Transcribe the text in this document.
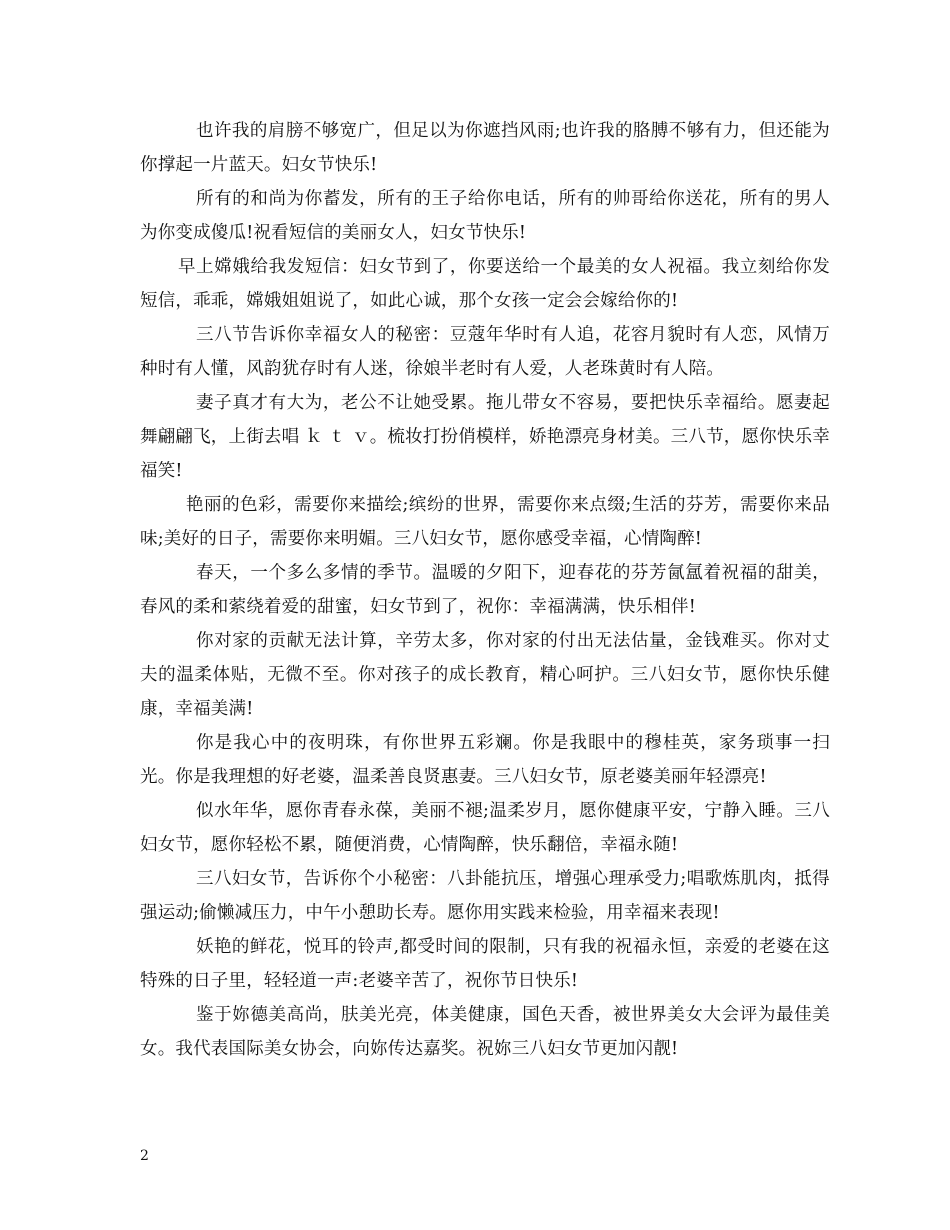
也许我的肩膀不够宽广，但足以为你遮挡风雨;也许我的胳膊不够有力，但还能为你撑起一片蓝天。妇女节快乐!

所有的和尚为你蓄发，所有的王子给你电话，所有的帅哥给你送花，所有的男人为你变成傻瓜!祝看短信的美丽女人，妇女节快乐!

早上嫦娥给我发短信：妇女节到了，你要送给一个最美的女人祝福。我立刻给你发短信，乖乖，嫦娥姐姐说了，如此心诚，那个女孩一定会会嫁给你的!

三八节告诉你幸福女人的秘密：豆蔻年华时有人追，花容月貌时有人恋，风情万种时有人懂，风韵犹存时有人迷，徐娘半老时有人爱，人老珠黄时有人陪。

妻子真才有大为，老公不让她受累。拖儿带女不容易，要把快乐幸福给。愿妻起舞翩翩飞，上街去唱 ｋ ｔ ｖ。梳妆打扮俏模样，娇艳漂亮身材美。三八节，愿你快乐幸福笑!

艳丽的色彩，需要你来描绘;缤纷的世界，需要你来点缀;生活的芬芳，需要你来品味;美好的日子，需要你来明媚。三八妇女节，愿你感受幸福，心情陶醉!

春天，一个多么多情的季节。温暖的夕阳下，迎春花的芬芳氤氲着祝福的甜美，春风的柔和萦绕着爱的甜蜜，妇女节到了，祝你：幸福满满，快乐相伴!

你对家的贡献无法计算，辛劳太多，你对家的付出无法估量，金钱难买。你对丈夫的温柔体贴，无微不至。你对孩子的成长教育，精心呵护。三八妇女节，愿你快乐健康，幸福美满!

你是我心中的夜明珠，有你世界五彩斓。你是我眼中的穆桂英，家务琐事一扫光。你是我理想的好老婆，温柔善良贤惠妻。三八妇女节，原老婆美丽年轻漂亮!

似水年华，愿你青春永葆，美丽不褪;温柔岁月，愿你健康平安，宁静入睡。三八妇女节，愿你轻松不累，随便消费，心情陶醉，快乐翻倍，幸福永随!

三八妇女节，告诉你个小秘密：八卦能抗压，增强心理承受力;唱歌炼肌肉，抵得强运动;偷懒减压力，中午小憩助长寿。愿你用实践来检验，用幸福来表现!

妖艳的鲜花，悦耳的铃声,都受时间的限制，只有我的祝福永恒，亲爱的老婆在这特殊的日子里，轻轻道一声:老婆辛苦了，祝你节日快乐!

鉴于妳德美高尚，肤美光亮，体美健康，国色天香，被世界美女大会评为最佳美女。我代表国际美女协会，向妳传达嘉奖。祝妳三八妇女节更加闪靓!

2
